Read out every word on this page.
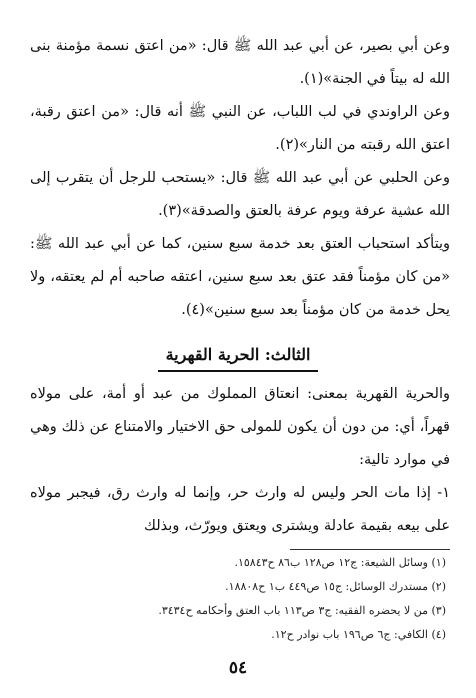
وعن أبي بصير، عن أبي عبد الله ﷺ قال: «من اعتق نسمة مؤمنة بنى الله له بيتاً في الجنة»(١).

وعن الراوندي في لب اللباب، عن النبي ﷺ أنه قال: «من اعتق رقبة، اعتق الله رقبته من النار»(٢).

وعن الحلبي عن أبي عبد الله ﷺ قال: «يستحب للرجل أن يتقرب إلى الله عشية عرفة ويوم عرفة بالعتق والصدقة»(٣).

ويتأكد استحباب العتق بعد خدمة سبع سنين، كما عن أبي عبد الله ﷺ: «من كان مؤمناً فقد عتق بعد سبع سنين، اعتقه صاحبه أم لم يعتقه، ولا يحل خدمة من كان مؤمناً بعد سبع سنين»(٤).

الثالث: الحرية القهرية

والحرية القهرية بمعنى: انعتاق المملوك من عبد أو أمة، على مولاه قهراً، أي: من دون أن يكون للمولى حق الاختيار والامتناع عن ذلك وهي في موارد تالية:

١- إذا مات الحر وليس له وارث حر، وإنما له وارث رق، فيجبر مولاه على بيعه بقيمة عادلة ويشترى ويعتق ويورّث، وبذلك

(١) وسائل الشيعة: ج١٢ ص١٢٨ ب٨٦ ح١٥٨٤٣.
(٢) مستدرك الوسائل: ج١٥ ص٤٤٩ ب١ ح١٨٨٠٨.
(٣) من لا يحضره الفقيه: ج٣ ص١١٣ باب العتق وأحكامه ح٣٤٣٤.
(٤) الكافي: ج٦ ص١٩٦ باب نوادر ح١٢.
٥٤
